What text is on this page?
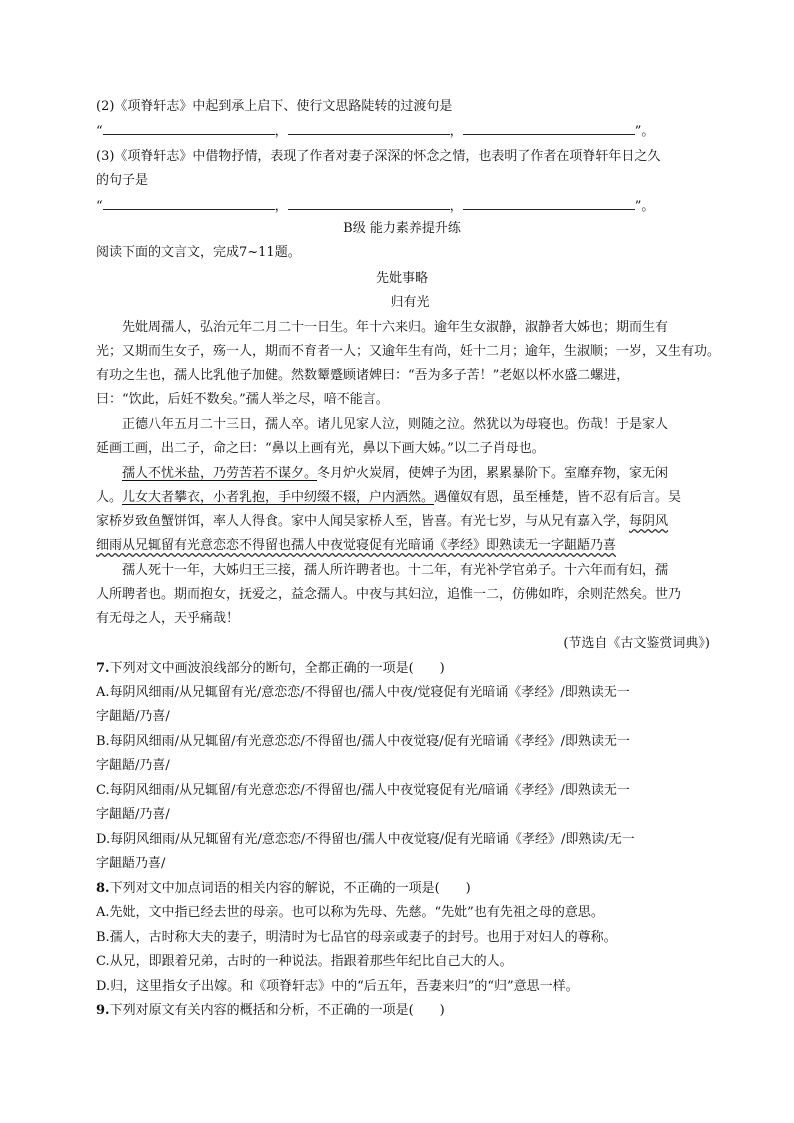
(2)《项脊轩志》中起到承上启下、使行文思路陡转的过渡句是
“	，	，	”。
(3)《项脊轩志》中借物抒情，表现了作者对妻子深深的怀念之情，也表明了作者在项脊轩年日之久
的句子是
“	，	，	”。
B级 能力素养提升练
阅读下面的文言文，完成7~11题。
先妣事略
归有光
先妣周孺人，弘治元年二月二十一日生。年十六来归。逾年生女淑静，淑静者大姊也；期而生有
光；又期而生女子，殇一人，期而不育者一人；又逾年生有尚，妊十二月；逾年，生淑顺；一岁，又生有功。
有功之生也，孺人比乳他子加健。然数颦蹙顾诸婢曰：“吾为多子苦！”老妪以杯水盛二螺进，
曰：“饮此，后妊不数矣。”孺人举之尽，喑不能言。
正德八年五月二十三日，孺人卒。诸儿见家人泣，则随之泣。然犹以为母寝也。伤哉！于是家人
延画工画，出二子，命之曰：“鼻以上画有光，鼻以下画大姊。”以二子肖母也。
孺人不忧米盐，乃劳苦若不谋夕。冬月炉火炭屑，使婢子为团，累累暴阶下。室靡弃物，家无闲
人。儿女大者攀衣，小者乳抱，手中纫缀不辍，户内洒然。遇僮奴有恩，虽至棰楚，皆不忍有后言。吴
家桥岁致鱼蟹饼饵，率人人得食。家中人闻吴家桥人至，皆喜。有光七岁，与从兄有嘉入学，每阴风
细雨从兄辄留有光意恋恋不得留也孺人中夜觉寝促有光暗诵《孝经》即熟读无一字龃龉乃喜
孺人死十一年，大姊归王三接，孺人所许聘者也。十二年，有光补学官弟子。十六年而有妇，孺
人所聘者也。期而抱女，抚爱之，益念孺人。中夜与其妇泣，追惟一二，仿佛如昨，余则茫然矣。世乃
有无母之人，天乎痛哉！
(节选自《古文鉴赏词典》)
7.下列对文中画波浪线部分的断句，全都正确的一项是(　　)
A.每阴风细雨/从兄辄留有光/意恋恋/不得留也/孺人中夜/觉寝促有光暗诵《孝经》/即熟读无一
字龃龉/乃喜/
B.每阴风细雨/从兄辄留/有光意恋恋/不得留也/孺人中夜觉寝/促有光暗诵《孝经》/即熟读无一
字龃龉/乃喜/
C.每阴风细雨/从兄辄留/有光意恋恋/不得留也/孺人中夜觉寝促有光/暗诵《孝经》/即熟读无一
字龃龉/乃喜/
D.每阴风细雨/从兄辄留有光/意恋恋/不得留也/孺人中夜觉寝/促有光暗诵《孝经》/即熟读/无一
字龃龉乃喜/
8.下列对文中加点词语的相关内容的解说，不正确的一项是(　　)
A.先妣，文中指已经去世的母亲。也可以称为先母、先慈。“先妣”也有先祖之母的意思。
B.孺人，古时称大夫的妻子，明清时为七品官的母亲或妻子的封号。也用于对妇人的尊称。
C.从兄，即跟着兄弟，古时的一种说法。指跟着那些年纪比自己大的人。
D.归，这里指女子出嫁。和《项脊轩志》中的“后五年，吾妻来归”的“归”意思一样。
9.下列对原文有关内容的概括和分析，不正确的一项是(　　)
